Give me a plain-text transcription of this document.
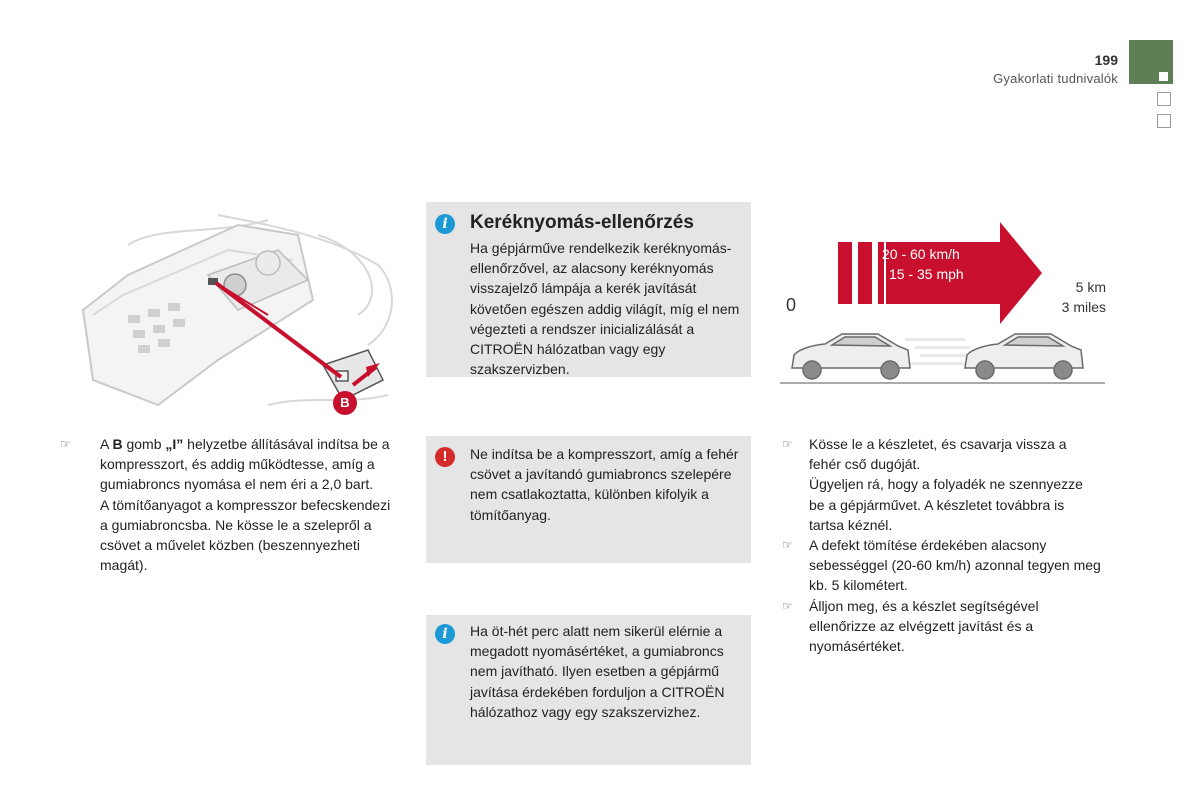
199
Gyakorlati tudnivalók
B
i	Keréknyomás-ellenőrzés
Ha gépjárműve rendelkezik keréknyomás-ellenőrzővel, az alacsony keréknyomás visszajelző lámpája a kerék javítását követően egészen addig világít, míg el nem végezteti a rendszer inicializálását a CITROËN hálózatban vagy egy szakszervizben.
20 - 60 km/h
15 - 35 mph
0
5 km
3 miles
☞ A B gomb „I” helyzetbe állításával indítsa be a kompresszort, és addig működtesse, amíg a gumiabroncs nyomása el nem éri a 2,0 bart.
A tömítőanyagot a kompresszor befecskendezi a gumiabroncsba. Ne kösse le a szelepről a csövet a művelet közben (beszennyezheti magát).
!	Ne indítsa be a kompresszort, amíg a fehér csövet a javítandó gumiabroncs szelepére nem csatlakoztatta, különben kifolyik a tömítőanyag.
i	Ha öt-hét perc alatt nem sikerül elérnie a megadott nyomásértéket, a gumiabroncs nem javítható. Ilyen esetben a gépjármű javítása érdekében forduljon a CITROËN hálózathoz vagy egy szakszervizhez.
☞ Kösse le a készletet, és csavarja vissza a fehér cső dugóját.
Ügyeljen rá, hogy a folyadék ne szennyezze be a gépjárművet. A készletet továbbra is tartsa kéznél.
☞ A defekt tömítése érdekében alacsony sebességgel (20-60 km/h) azonnal tegyen meg kb. 5 kilométert.
☞ Álljon meg, és a készlet segítségével ellenőrizze az elvégzett javítást és a nyomásértéket.
